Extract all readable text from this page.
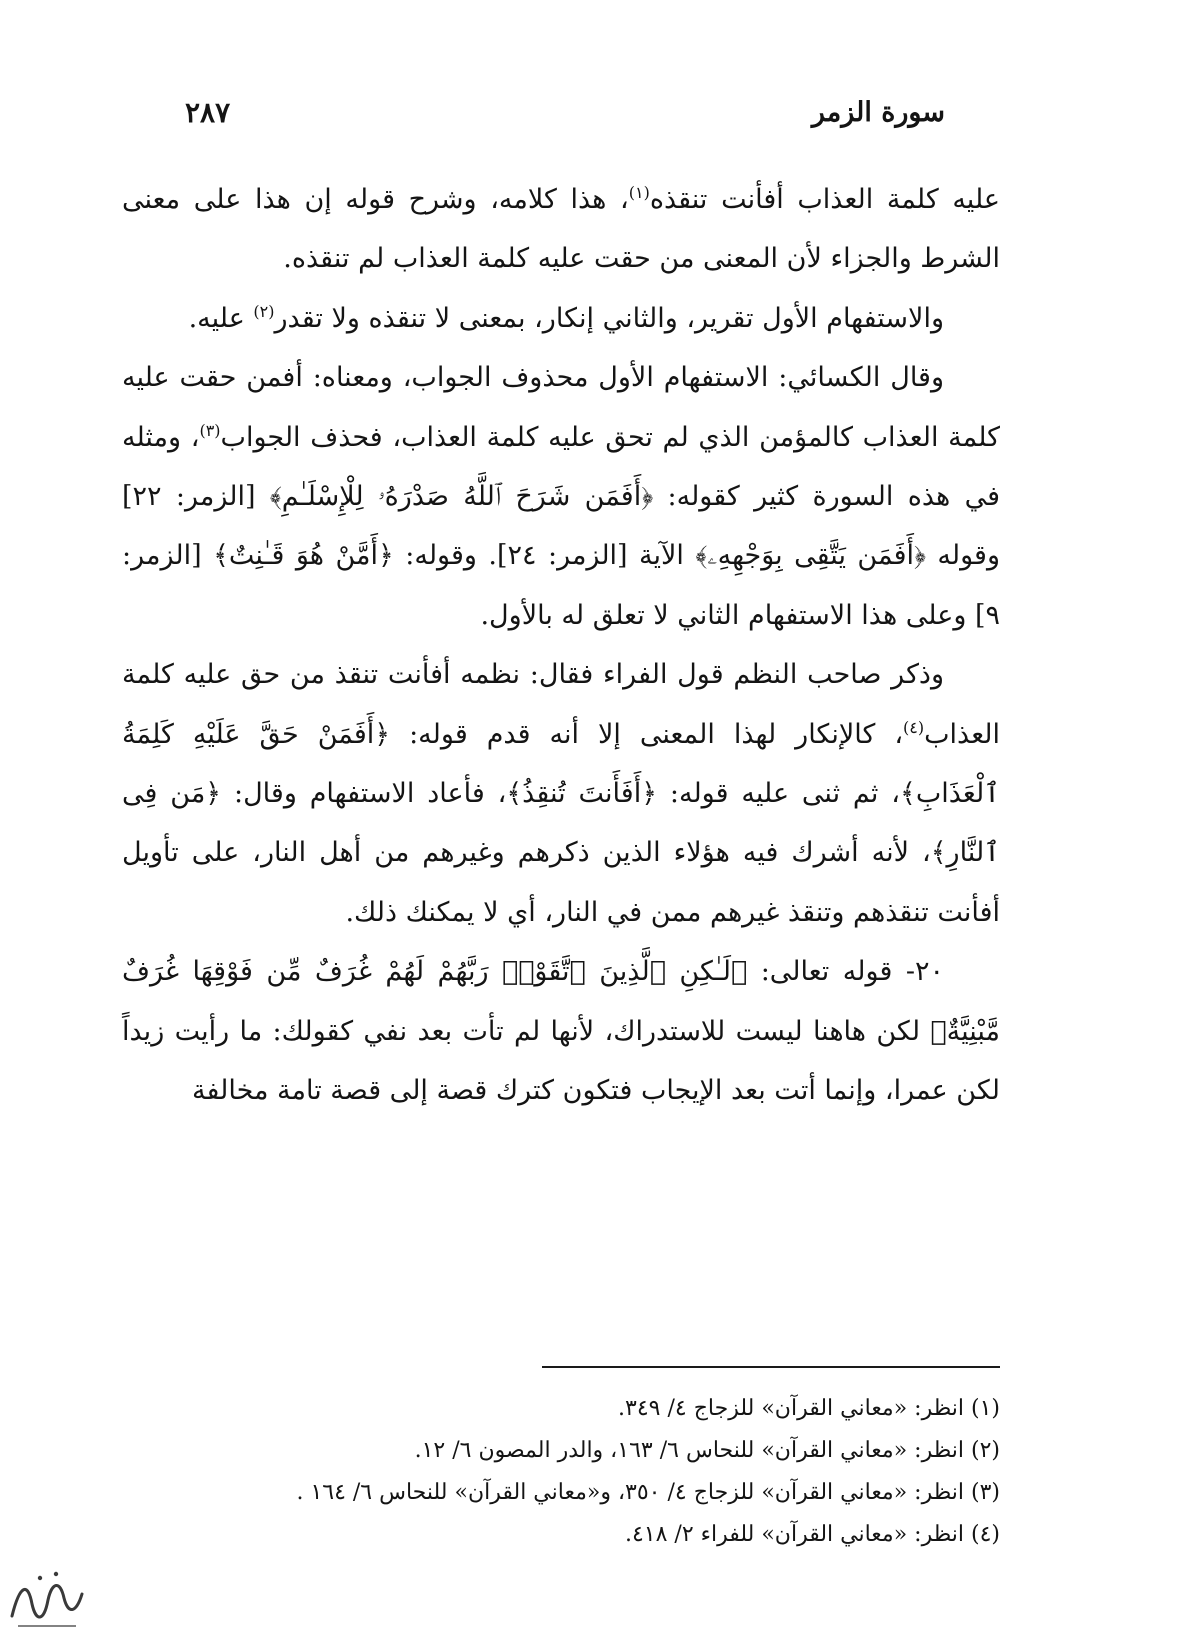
سورة الزمر
٢٨٧

عليه كلمة العذاب أفأنت تنقذه$^{(١)}$، هذا كلامه، وشرح قوله إن هذا على معنى الشرط والجزاء لأن المعنى من حقت عليه كلمة العذاب لم تنقذه.

والاستفهام الأول تقرير، والثاني إنكار، بمعنى لا تنقذه ولا تقدر$^{(٢)}$ عليه.

وقال الكسائي: الاستفهام الأول محذوف الجواب، ومعناه: أفمن حقت عليه كلمة العذاب كالمؤمن الذي لم تحق عليه كلمة العذاب، فحذف الجواب$^{(٣)}$، ومثله في هذه السورة كثير كقوله: ﴿أَفَمَن شَرَحَ ٱللَّهُ صَدْرَهُۥ لِلْإِسْلَـٰمِ﴾ [الزمر: ٢٢] وقوله ﴿أَفَمَن يَتَّقِى بِوَجْهِهِۦ﴾ الآية [الزمر: ٢٤]. وقوله: ﴿أَمَّنْ هُوَ قَـٰنِتٌ﴾ [الزمر: ٩] وعلى هذا الاستفهام الثاني لا تعلق له بالأول.

وذكر صاحب النظم قول الفراء فقال: نظمه أفأنت تنقذ من حق عليه كلمة العذاب$^{(٤)}$، كالإنكار لهذا المعنى إلا أنه قدم قوله: ﴿أَفَمَنْ حَقَّ عَلَيْهِ كَلِمَةُ ٱلْعَذَابِ﴾، ثم ثنى عليه قوله: ﴿أَفَأَنتَ تُنقِذُ﴾، فأعاد الاستفهام وقال: ﴿مَن فِى ٱلنَّارِ﴾، لأنه أشرك فيه هؤلاء الذين ذكرهم وغيرهم من أهل النار، على تأويل أفأنت تنقذهم وتنقذ غيرهم ممن في النار، أي لا يمكنك ذلك.

٢٠- قوله تعالى: ﴿لَـٰكِنِ ٱلَّذِينَ ٱتَّقَوْا۟ رَبَّهُمْ لَهُمْ غُرَفٌ مِّن فَوْقِهَا غُرَفٌ مَّبْنِيَّةٌ﴾ لكن هاهنا ليست للاستدراك، لأنها لم تأت بعد نفي كقولك: ما رأيت زيداً لكن عمرا، وإنما أتت بعد الإيجاب فتكون كترك قصة إلى قصة تامة مخالفة

(١) انظر: «معاني القرآن» للزجاج ٤/ ٣٤٩.

(٢) انظر: «معاني القرآن» للنحاس ٦/ ١٦٣، والدر المصون ٦/ ١٢.

(٣) انظر: «معاني القرآن» للزجاج ٤/ ٣٥٠، و«معاني القرآن» للنحاس ٦/ ١٦٤ .

(٤) انظر: «معاني القرآن» للفراء ٢/ ٤١٨.
